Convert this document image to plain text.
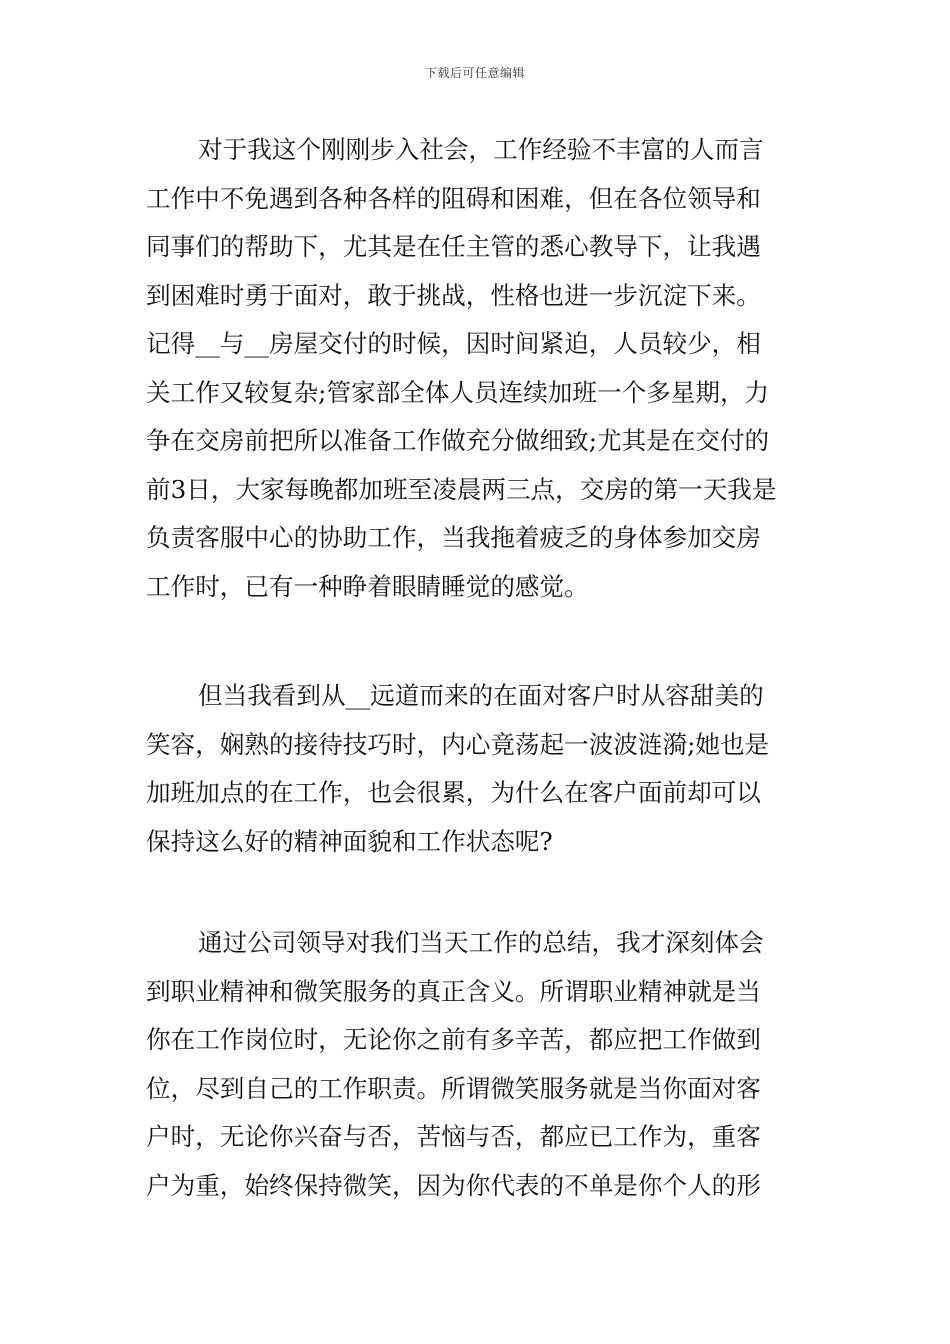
下载后可任意编辑
对于我这个刚刚步入社会，工作经验不丰富的人而言
工作中不免遇到各种各样的阻碍和困难，但在各位领导和
同事们的帮助下，尤其是在任主管的悉心教导下，让我遇
到困难时勇于面对，敢于挑战，性格也进一步沉淀下来。
记得__与__房屋交付的时候，因时间紧迫，人员较少，相
关工作又较复杂;管家部全体人员连续加班一个多星期，力
争在交房前把所以准备工作做充分做细致;尤其是在交付的
前3日，大家每晚都加班至凌晨两三点，交房的第一天我是
负责客服中心的协助工作，当我拖着疲乏的身体参加交房
工作时，已有一种睁着眼睛睡觉的感觉。
但当我看到从__远道而来的在面对客户时从容甜美的
笑容，娴熟的接待技巧时，内心竟荡起一波波涟漪;她也是
加班加点的在工作，也会很累，为什么在客户面前却可以
保持这么好的精神面貌和工作状态呢?
通过公司领导对我们当天工作的总结，我才深刻体会
到职业精神和微笑服务的真正含义。所谓职业精神就是当
你在工作岗位时，无论你之前有多辛苦，都应把工作做到
位，尽到自己的工作职责。所谓微笑服务就是当你面对客
户时，无论你兴奋与否，苦恼与否，都应已工作为，重客
户为重，始终保持微笑，因为你代表的不单是你个人的形
